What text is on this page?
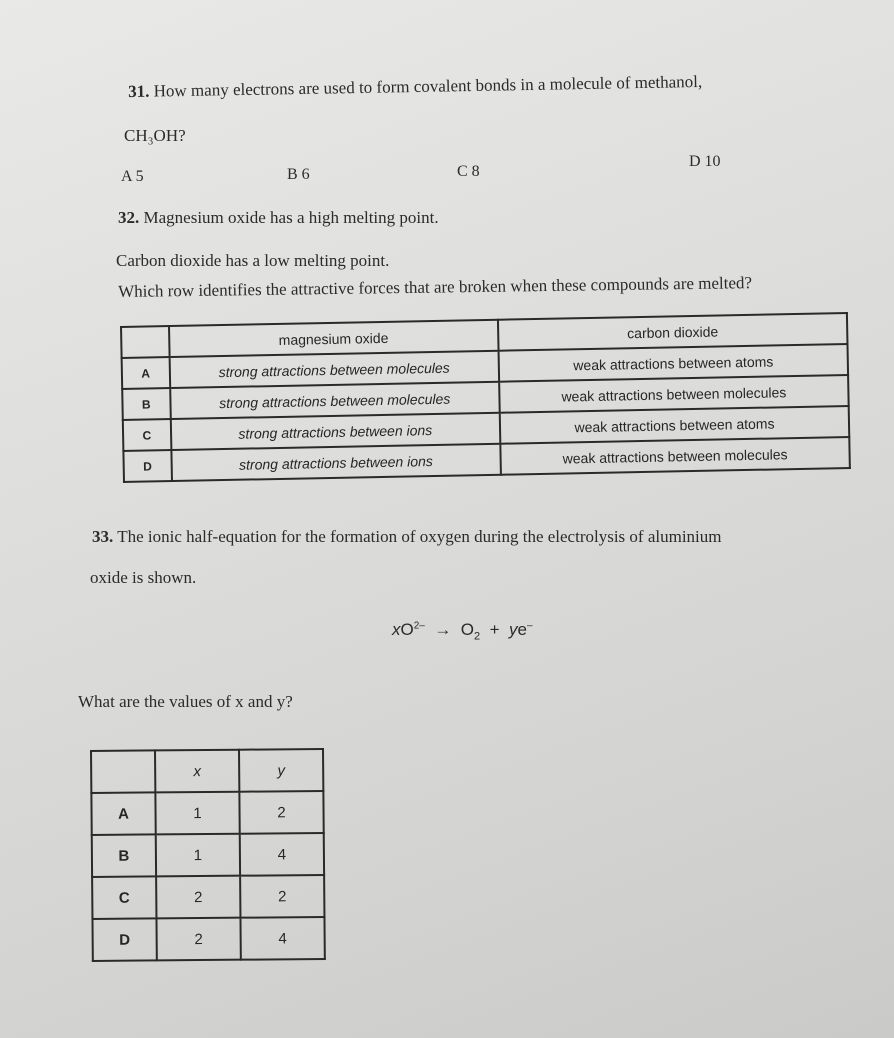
31. How many electrons are used to form covalent bonds in a molecule of methanol,
CH₃OH?
A 5	B 6	C 8
D 10
32. Magnesium oxide has a high melting point.
Carbon dioxide has a low melting point.
Which row identifies the attractive forces that are broken when these compounds are melted?
	magnesium oxide	carbon dioxide
A	strong attractions between molecules	weak attractions between atoms
B	strong attractions between molecules	weak attractions between molecules
C	strong attractions between ions	weak attractions between atoms
D	strong attractions between ions	weak attractions between molecules
33. The ionic half-equation for the formation of oxygen during the electrolysis of aluminium
oxide is shown.
$xO^{2-} \to O_2 + ye^-$
What are the values of x and y?
	x	y
A	1	2
B	1	4
C	2	2
D	2	4
